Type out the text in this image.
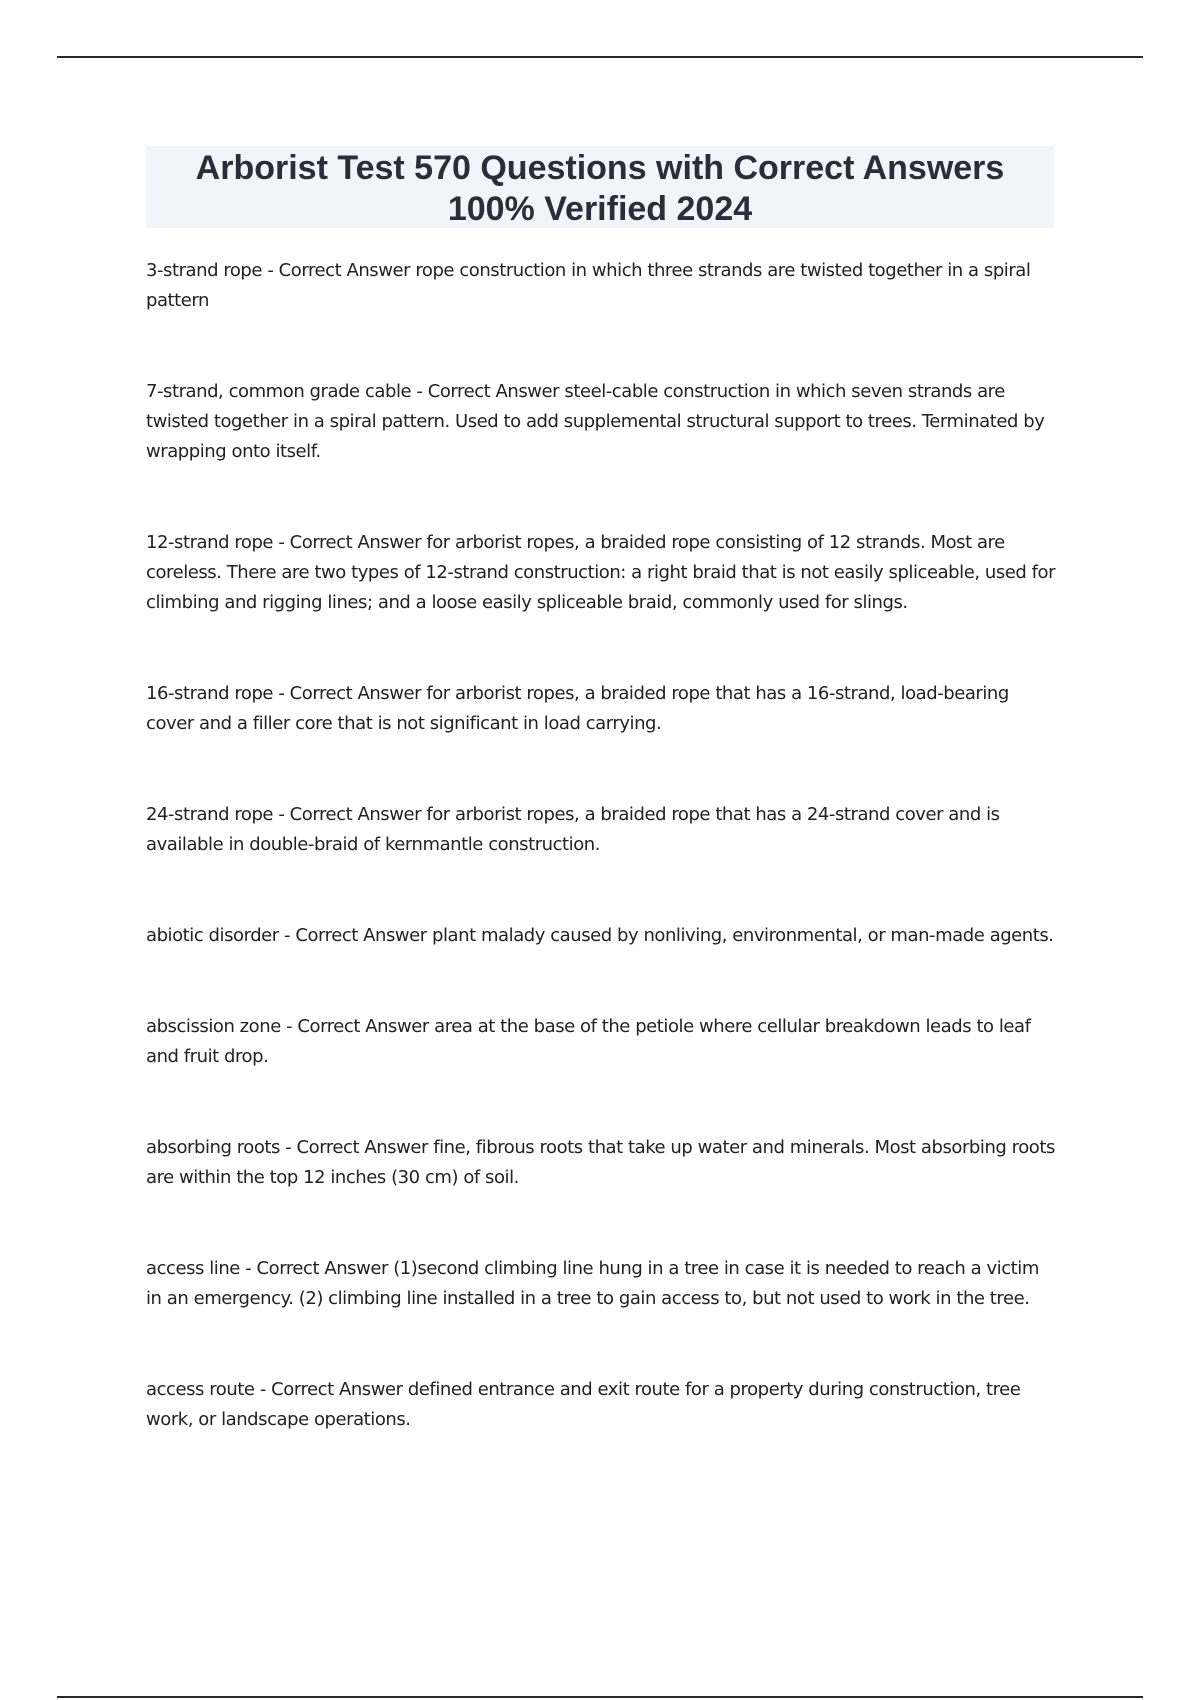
Arborist Test 570 Questions with Correct Answers
100% Verified 2024

3-strand rope - Correct Answer rope construction in which three strands are twisted together in a spiral pattern

7-strand, common grade cable - Correct Answer steel-cable construction in which seven strands are twisted together in a spiral pattern. Used to add supplemental structural support to trees. Terminated by wrapping onto itself.

12-strand rope - Correct Answer for arborist ropes, a braided rope consisting of 12 strands. Most are coreless. There are two types of 12-strand construction: a right braid that is not easily spliceable, used for climbing and rigging lines; and a loose easily spliceable braid, commonly used for slings.

16-strand rope - Correct Answer for arborist ropes, a braided rope that has a 16-strand, load-bearing cover and a filler core that is not significant in load carrying.

24-strand rope - Correct Answer for arborist ropes, a braided rope that has a 24-strand cover and is available in double-braid of kernmantle construction.

abiotic disorder - Correct Answer plant malady caused by nonliving, environmental, or man-made agents.

abscission zone - Correct Answer area at the base of the petiole where cellular breakdown leads to leaf and fruit drop.

absorbing roots - Correct Answer fine, fibrous roots that take up water and minerals. Most absorbing roots are within the top 12 inches (30 cm) of soil.

access line - Correct Answer (1)second climbing line hung in a tree in case it is needed to reach a victim in an emergency. (2) climbing line installed in a tree to gain access to, but not used to work in the tree.

access route - Correct Answer defined entrance and exit route for a property during construction, tree work, or landscape operations.
